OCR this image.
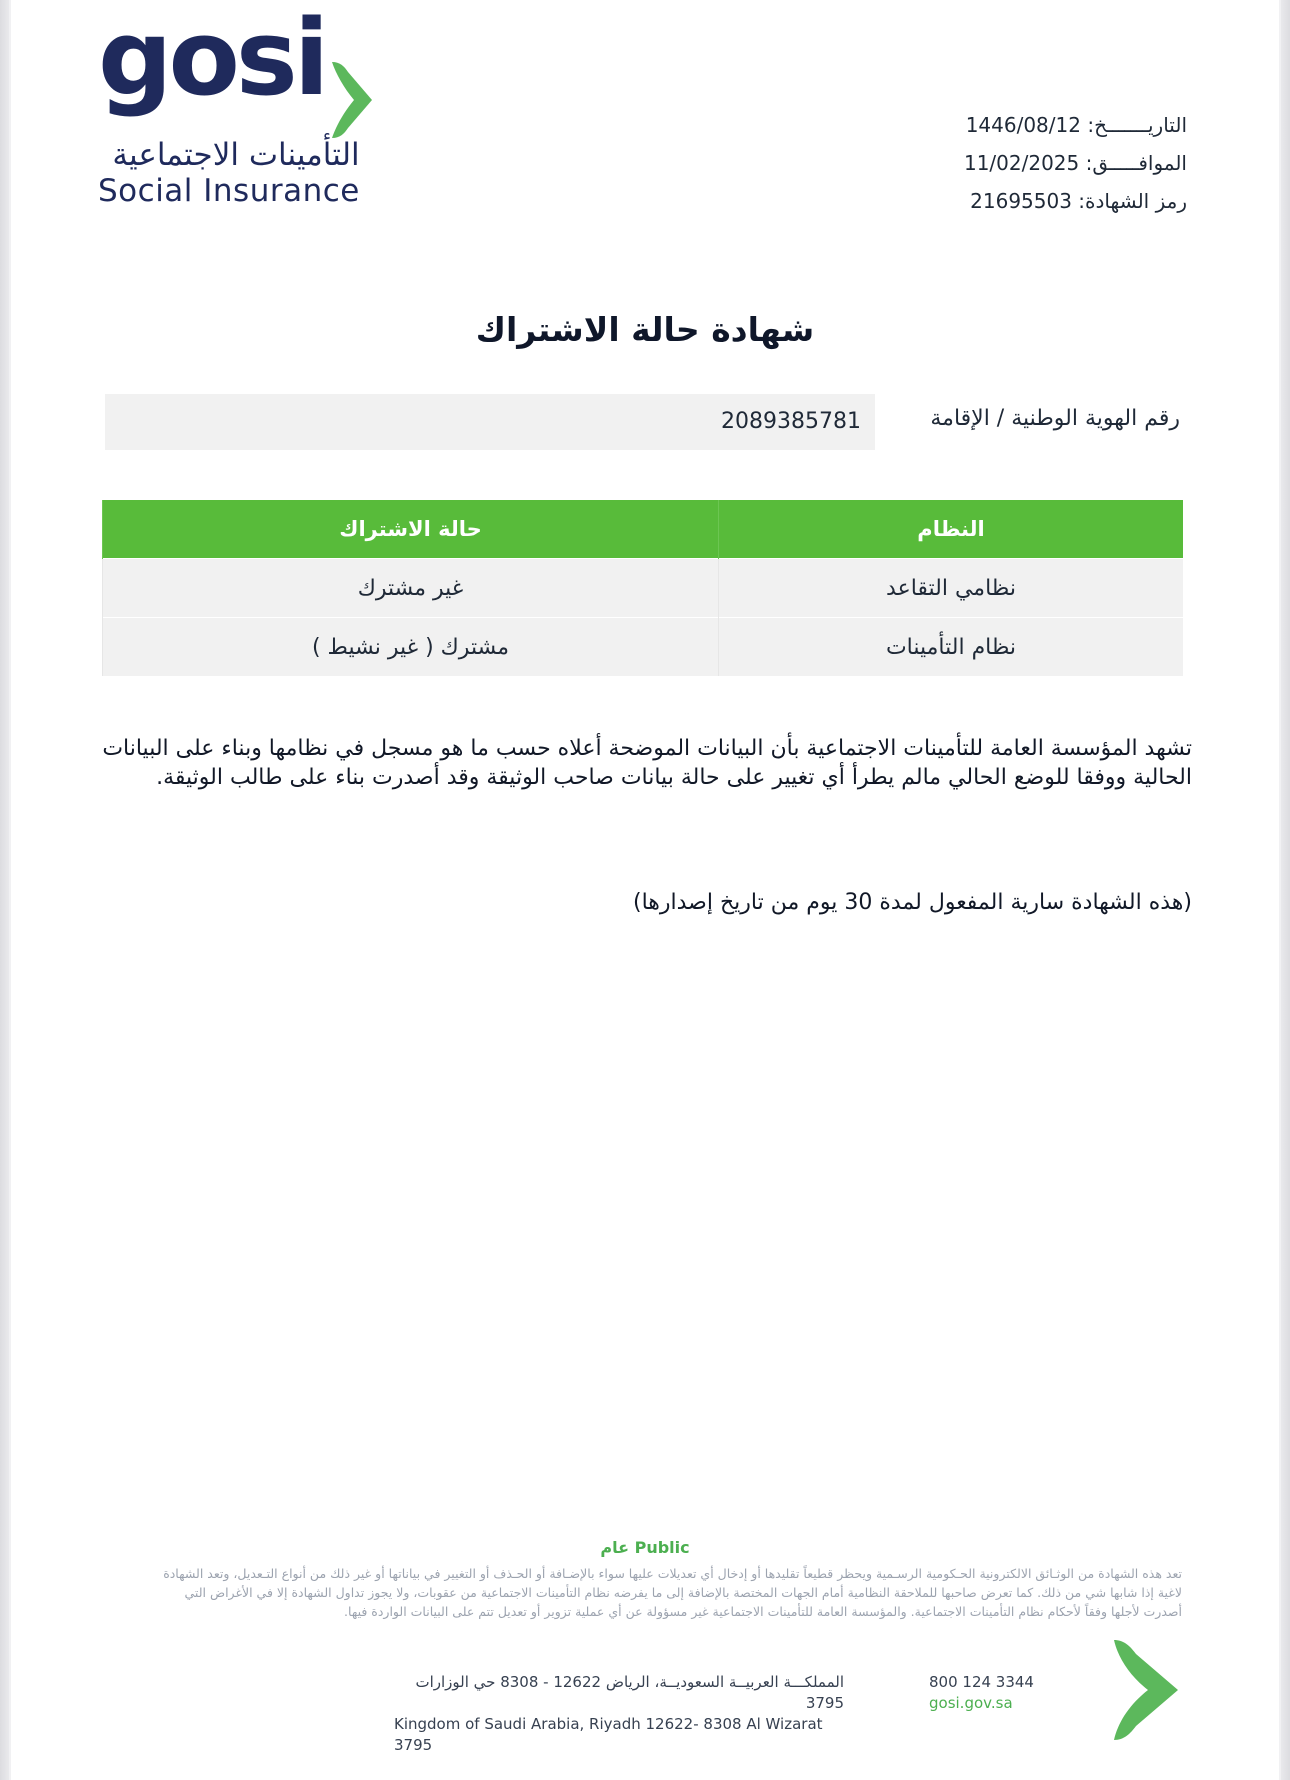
gosi
التأمينات الاجتماعية
Social Insurance
التاريـــــــخ: 1446/08/12
الموافـــــق: 11/02/2025
رمز الشهادة: 21695503
شهادة حالة الاشتراك
رقم الهوية الوطنية / الإقامة
2089385781
النظام	حالة الاشتراك
نظامي التقاعد	غير مشترك
نظام التأمينات	مشترك ( غير نشيط )
تشهد المؤسسة العامة للتأمينات الاجتماعية بأن البيانات الموضحة أعلاه حسب ما هو مسجل في نظامها وبناء على البيانات الحالية ووفقا للوضع الحالي مالم يطرأ أي تغيير على حالة بيانات صاحب الوثيقة وقد أصدرت بناء على طالب الوثيقة.
(هذه الشهادة سارية المفعول لمدة 30 يوم من تاريخ إصدارها)
عام Public
تعد هذه الشهادة من الوثـائق الالكترونية الحـكومية الرسـمية ويحظر قطيعاً تقليدها أو إدخال أي تعديلات عليها سواء بالإضـافة أو الحـذف أو التغيير في بياناتها أو غير ذلك من أنواع التـعديل، وتعد الشهادة لاغية إذا شابها شي من ذلك. كما تعرض صاحبها للملاحقة النظامية أمام الجهات المختصة بالإضافة إلى ما يفرضه نظام التأمينات الاجتماعية من عقوبات، ولا يجوز تداول الشهادة إلا في الأغراض التي أصدرت لأجلها وفقاً لأحكام نظام التأمينات الاجتماعية. والمؤسسة العامة للتأمينات الاجتماعية غير مسؤولة عن أي عملية تزوير أو تعديل تتم على البيانات الواردة فيها.
المملكـــة العربيــة السعوديــة، الرياض 12622 - 8308 حي الوزارات 3795
Kingdom of Saudi Arabia, Riyadh 12622- 8308 Al Wizarat 3795
800 124 3344
gosi.gov.sa
